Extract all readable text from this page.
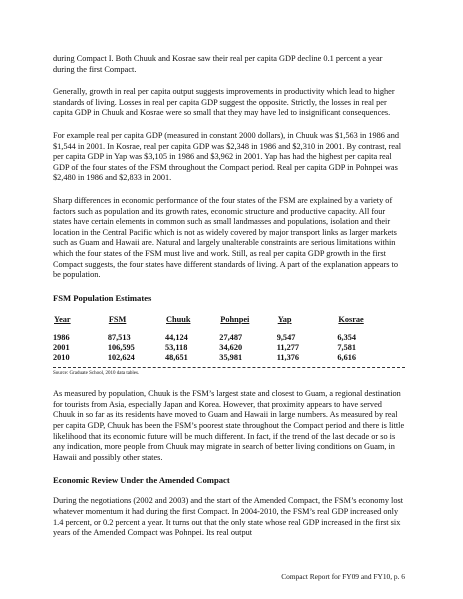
during Compact I. Both Chuuk and Kosrae saw their real per capita GDP decline 0.1 percent a year during the first Compact.

Generally, growth in real per capita output suggests improvements in productivity which lead to higher standards of living. Losses in real per capita GDP suggest the opposite. Strictly, the losses in real per capita GDP in Chuuk and Kosrae were so small that they may have led to insignificant consequences.

For example real per capita GDP (measured in constant 2000 dollars), in Chuuk was $1,563 in 1986 and $1,544 in 2001. In Kosrae, real per capita GDP was $2,348 in 1986 and $2,310 in 2001. By contrast, real per capita GDP in Yap was $3,105 in 1986 and $3,962 in 2001. Yap has had the highest per capita real GDP of the four states of the FSM throughout the Compact period. Real per capita GDP in Pohnpei was $2,480 in 1986 and $2,833 in 2001.

Sharp differences in economic performance of the four states of the FSM are explained by a variety of factors such as population and its growth rates, economic structure and productive capacity. All four states have certain elements in common such as small landmasses and populations, isolation and their location in the Central Pacific which is not as widely covered by major transport links as larger markets such as Guam and Hawaii are. Natural and largely unalterable constraints are serious limitations within which the four states of the FSM must live and work. Still, as real per capita GDP growth in the first Compact suggests, the four states have different standards of living. A part of the explanation appears to be population.

FSM Population Estimates
Year	FSM	Chuuk	Pohnpei	Yap	Kosrae
1986	87,513	44,124	27,487	9,547	6,354
2001	106,595	53,118	34,620	11,277	7,581
2010	102,624	48,651	35,981	11,376	6,616
Source: Graduate School, 2010 data tables.

As measured by population, Chuuk is the FSM’s largest state and closest to Guam, a regional destination for tourists from Asia, especially Japan and Korea. However, that proximity appears to have served Chuuk in so far as its residents have moved to Guam and Hawaii in large numbers. As measured by real per capita GDP, Chuuk has been the FSM’s poorest state throughout the Compact period and there is little likelihood that its economic future will be much different. In fact, if the trend of the last decade or so is any indication, more people from Chuuk may migrate in search of better living conditions on Guam, in Hawaii and possibly other states.

Economic Review Under the Amended Compact

During the negotiations (2002 and 2003) and the start of the Amended Compact, the FSM’s economy lost whatever momentum it had during the first Compact. In 2004-2010, the FSM’s real GDP increased only 1.4 percent, or 0.2 percent a year. It turns out that the only state whose real GDP increased in the first six years of the Amended Compact was Pohnpei. Its real output

Compact Report for FY09 and FY10, p. 6
